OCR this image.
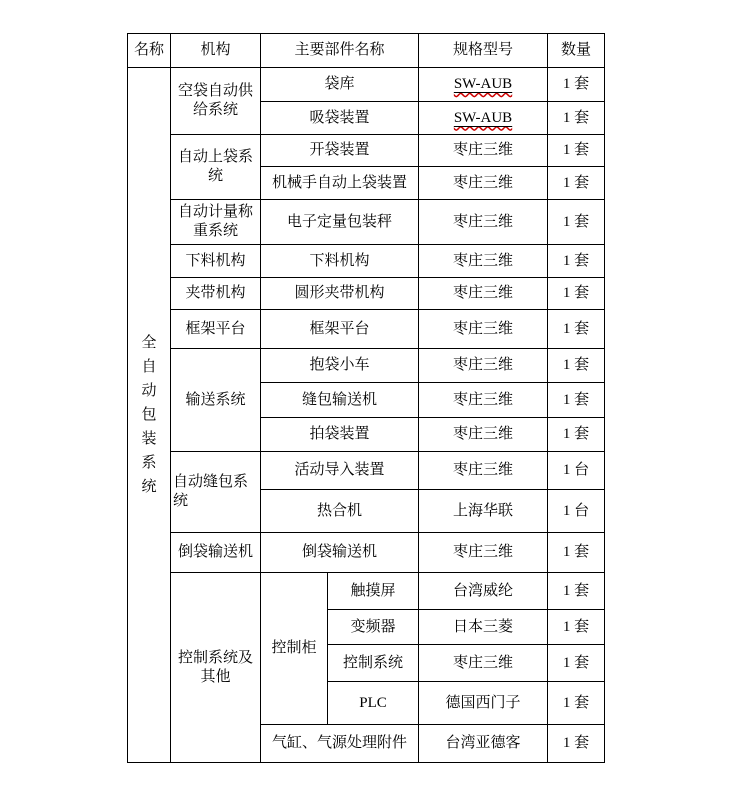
名称	机构	主要部件名称		规格型号	数量

全自动包装系统	空袋自动供给系统	袋库		SW-AUB	1 套
		吸袋装置		SW-AUB	1 套
	自动上袋系统	开袋装置		枣庄三维	1 套
		机械手自动上袋装置		枣庄三维	1 套
	自动计量称重系统	电子定量包装秤		枣庄三维	1 套
	下料机构	下料机构		枣庄三维	1 套
	夹带机构	圆形夹带机构		枣庄三维	1 套
	框架平台	框架平台		枣庄三维	1 套
	输送系统	抱袋小车		枣庄三维	1 套
		缝包输送机		枣庄三维	1 套
		拍袋装置		枣庄三维	1 套
	自动缝包系统	活动导入装置		枣庄三维	1 台
		热合机		上海华联	1 台
	倒袋输送机	倒袋输送机		枣庄三维	1 套
	控制系统及其他	控制柜	触摸屏	台湾威纶	1 套
			变频器	日本三菱	1 套
			控制系统	枣庄三维	1 套
			PLC	德国西门子	1 套
		气缸、气源处理附件		台湾亚德客	1 套
